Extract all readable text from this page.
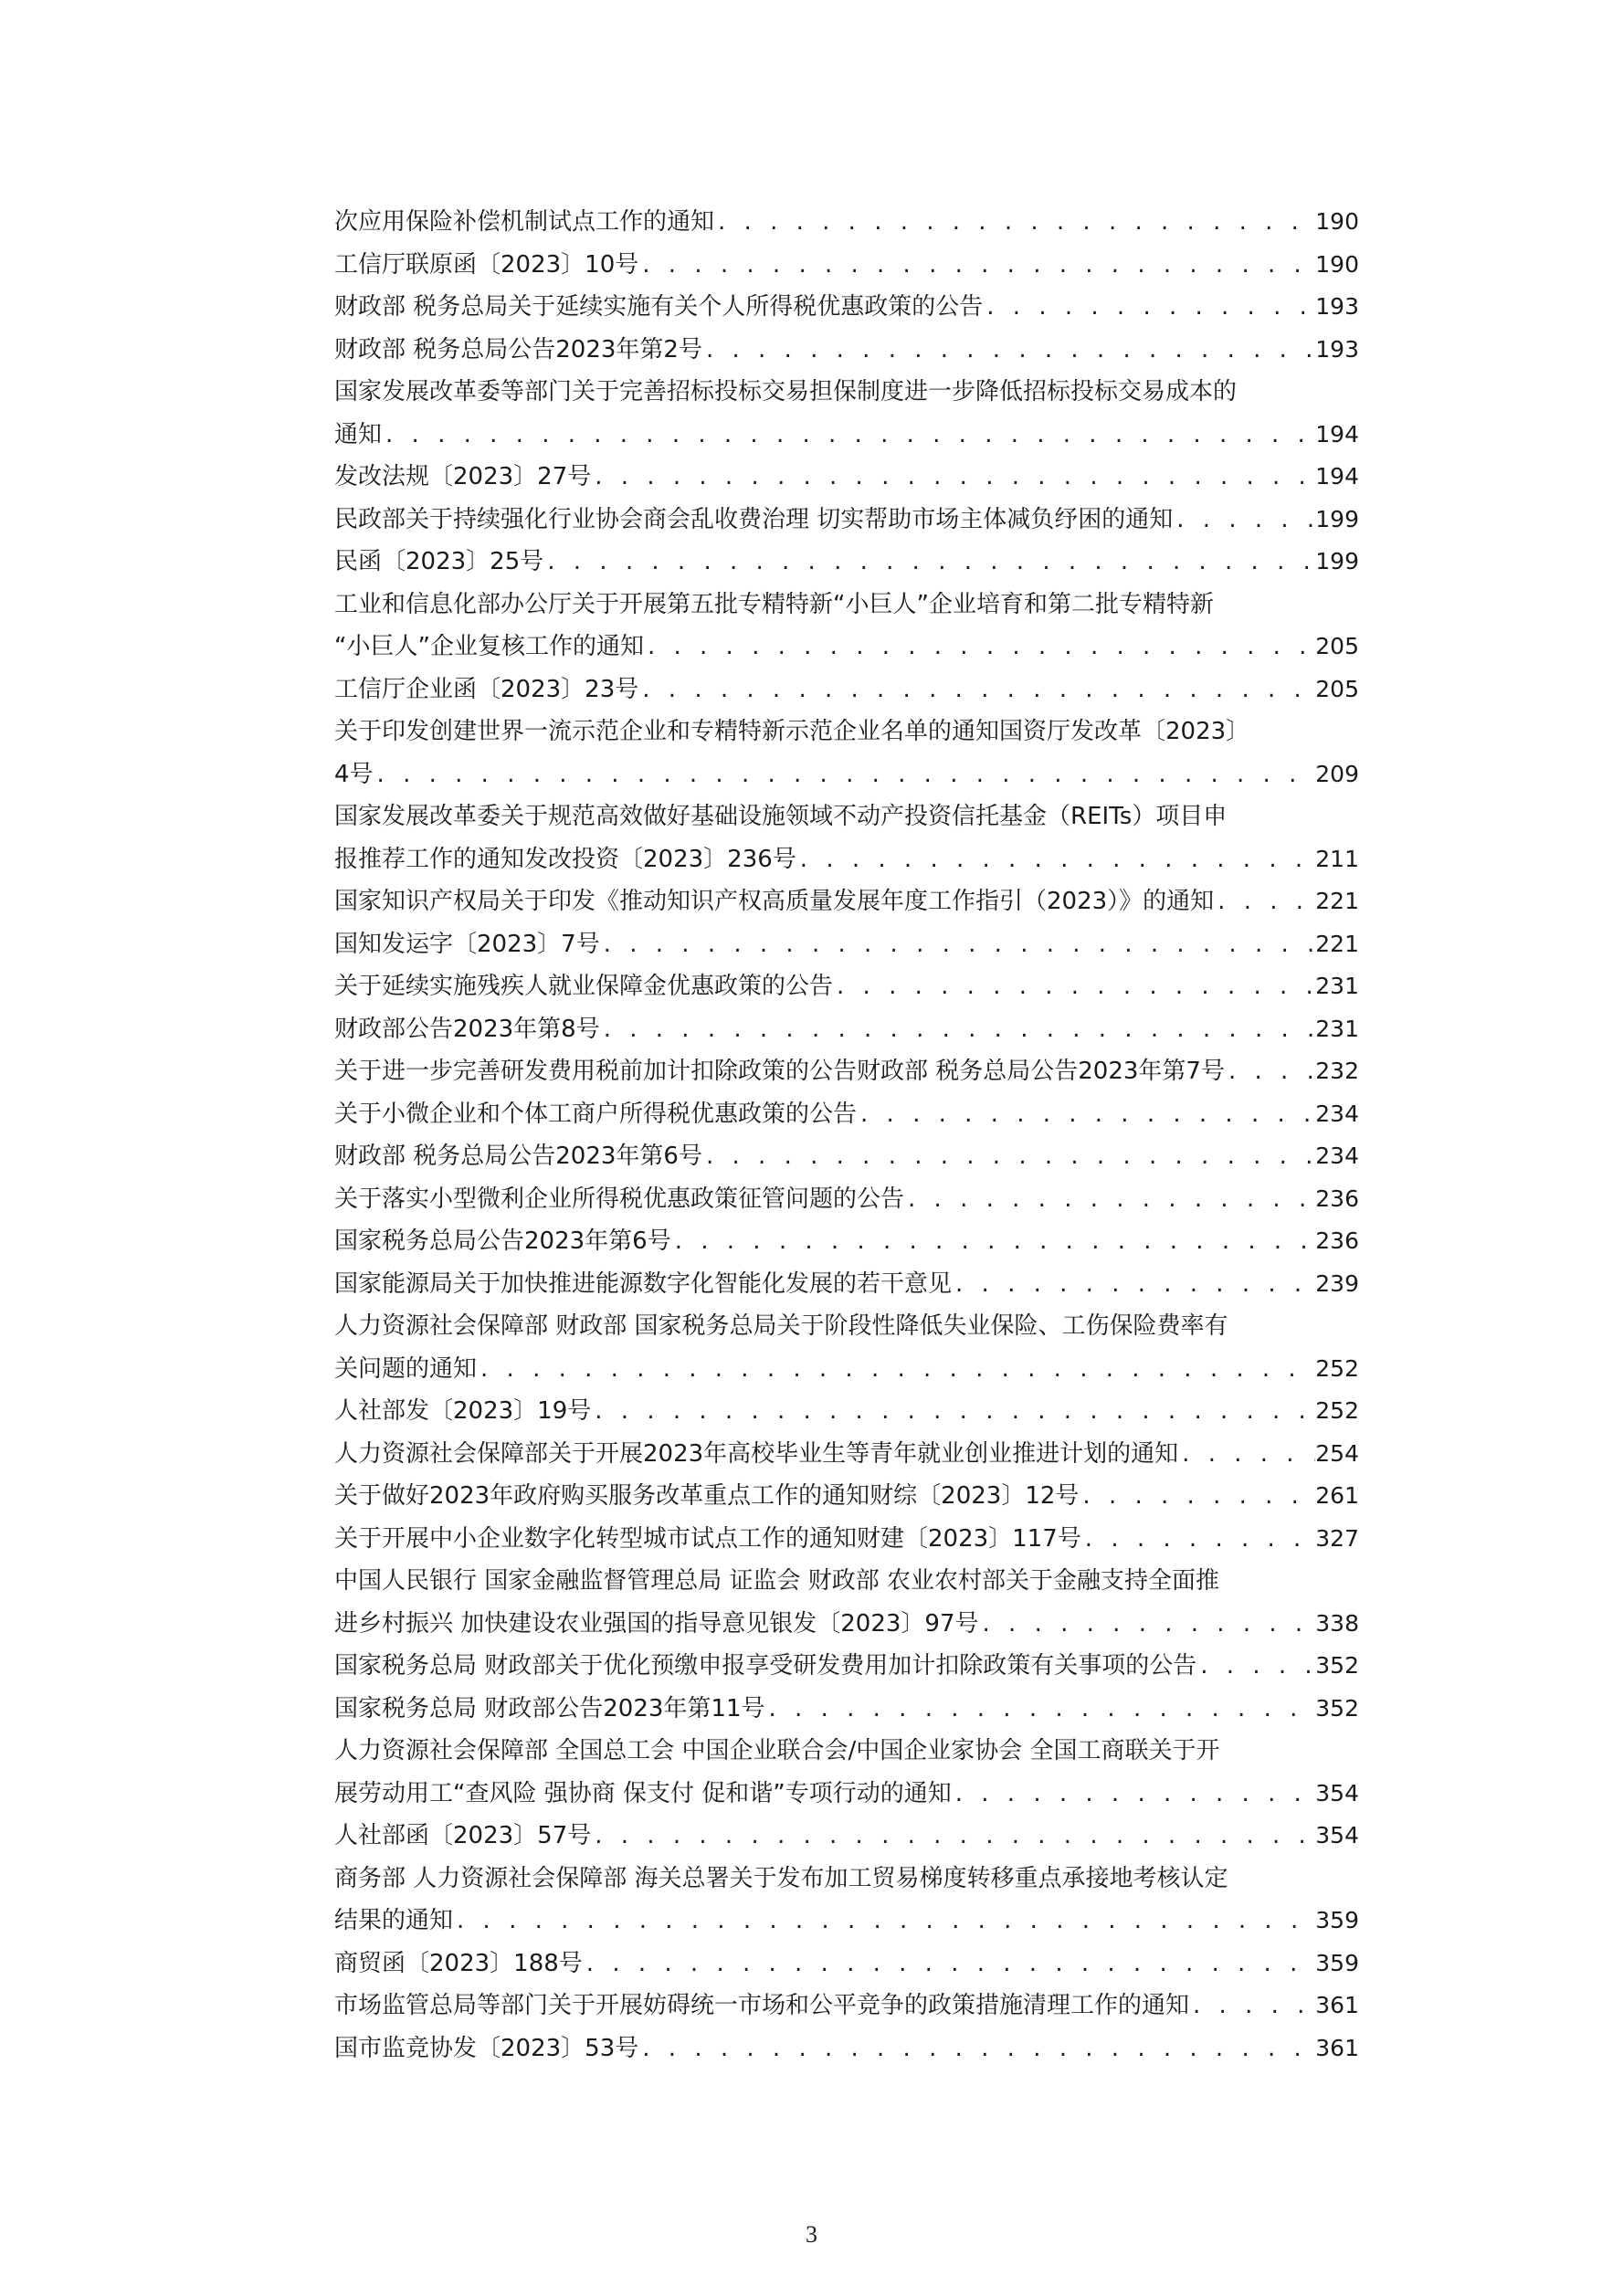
次应用保险补偿机制试点工作的通知 . . .	190
工信厅联原函〔2023〕10号 . . .	190
财政部 税务总局关于延续实施有关个人所得税优惠政策的公告 . . .	193
财政部 税务总局公告2023年第2号 . . .	193
国家发展改革委等部门关于完善招标投标交易担保制度进一步降低招标投标交易成本的
通知 . . .	194
发改法规〔2023〕27号 . . .	194
民政部关于持续强化行业协会商会乱收费治理 切实帮助市场主体减负纾困的通知 . . .	199
民函〔2023〕25号 . . .	199
工业和信息化部办公厅关于开展第五批专精特新“小巨人”企业培育和第二批专精特新
“小巨人”企业复核工作的通知 . . .	205
工信厅企业函〔2023〕23号 . . .	205
关于印发创建世界一流示范企业和专精特新示范企业名单的通知国资厅发改革〔2023〕
4号 . . .	209
国家发展改革委关于规范高效做好基础设施领域不动产投资信托基金（REITs）项目申
报推荐工作的通知发改投资〔2023〕236号 . . .	211
国家知识产权局关于印发《推动知识产权高质量发展年度工作指引（2023）》的通知 . . .	221
国知发运字〔2023〕7号 . . .	221
关于延续实施残疾人就业保障金优惠政策的公告 . . .	231
财政部公告2023年第8号 . . .	231
关于进一步完善研发费用税前加计扣除政策的公告财政部 税务总局公告2023年第7号 . . .	232
关于小微企业和个体工商户所得税优惠政策的公告 . . .	234
财政部 税务总局公告2023年第6号 . . .	234
关于落实小型微利企业所得税优惠政策征管问题的公告 . . .	236
国家税务总局公告2023年第6号 . . .	236
国家能源局关于加快推进能源数字化智能化发展的若干意见 . . .	239
人力资源社会保障部 财政部 国家税务总局关于阶段性降低失业保险、工伤保险费率有
关问题的通知 . . .	252
人社部发〔2023〕19号 . . .	252
人力资源社会保障部关于开展2023年高校毕业生等青年就业创业推进计划的通知 . . .	254
关于做好2023年政府购买服务改革重点工作的通知财综〔2023〕12号 . . .	261
关于开展中小企业数字化转型城市试点工作的通知财建〔2023〕117号 . . .	327
中国人民银行 国家金融监督管理总局 证监会 财政部 农业农村部关于金融支持全面推
进乡村振兴 加快建设农业强国的指导意见银发〔2023〕97号 . . .	338
国家税务总局 财政部关于优化预缴申报享受研发费用加计扣除政策有关事项的公告 . . .	352
国家税务总局 财政部公告2023年第11号 . . .	352
人力资源社会保障部 全国总工会 中国企业联合会/中国企业家协会 全国工商联关于开
展劳动用工“查风险 强协商 保支付 促和谐”专项行动的通知 . . .	354
人社部函〔2023〕57号 . . .	354
商务部 人力资源社会保障部 海关总署关于发布加工贸易梯度转移重点承接地考核认定
结果的通知 . . .	359
商贸函〔2023〕188号 . . .	359
市场监管总局等部门关于开展妨碍统一市场和公平竞争的政策措施清理工作的通知 . . .	361
国市监竞协发〔2023〕53号 . . .	361
3
